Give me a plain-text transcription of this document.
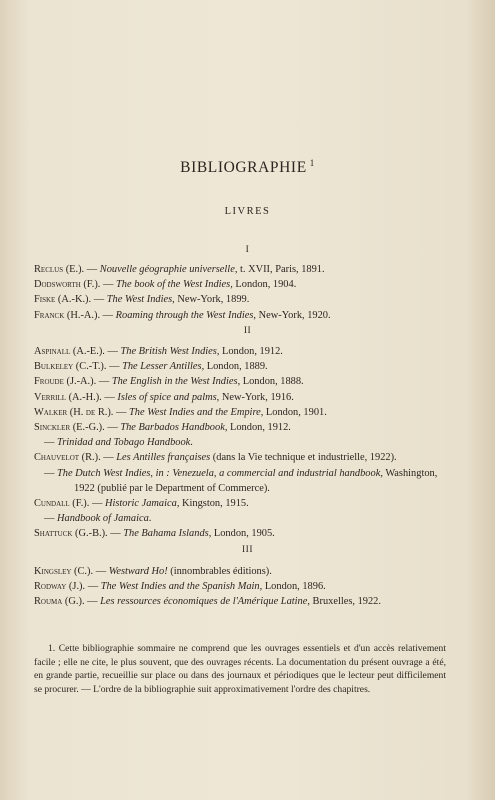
BIBLIOGRAPHIE $^1$
LIVRES
I
Reclus (E.). — Nouvelle géographie universelle, t. XVII, Paris, 1891.
Dodsworth (F.). — The book of the West Indies, London, 1904.
Fiske (A.-K.). — The West Indies, New-York, 1899.
Franck (H.-A.). — Roaming through the West Indies, New-York, 1920.
II
Aspinall (A.-E.). — The British West Indies, London, 1912.
Bulkeley (C.-T.). — The Lesser Antilles, London, 1889.
Froude (J.-A.). — The English in the West Indies, London, 1888.
Verrill (A.-H.). — Isles of spice and palms, New-York, 1916.
Walker (H. de R.). — The West Indies and the Empire, London, 1901.
Sinckler (E.-G.). — The Barbados Handbook, London, 1912.
— Trinidad and Tobago Handbook.
Chauvelot (R.). — Les Antilles françaises (dans la Vie technique et industrielle, 1922).
— The Dutch West Indies, in : Venezuela, a commercial and industrial handbook, Washington, 1922 (publié par le Department of Commerce).
Cundall (F.). — Historic Jamaica, Kingston, 1915.
— Handbook of Jamaica.
Shattuck (G.-B.). — The Bahama Islands, London, 1905.
III
Kingsley (C.). — Westward Ho! (innombrables éditions).
Rodway (J.). — The West Indies and the Spanish Main, London, 1896.
Rouma (G.). — Les ressources économiques de l'Amérique Latine, Bruxelles, 1922.
1. Cette bibliographie sommaire ne comprend que les ouvrages essentiels et d'un accès relativement facile ; elle ne cite, le plus souvent, que des ouvrages récents. La documentation du présent ouvrage a été, en grande partie, recueillie sur place ou dans des journaux et périodiques que le lecteur peut difficilement se procurer. — L'ordre de la bibliographie suit approximativement l'ordre des chapitres.
